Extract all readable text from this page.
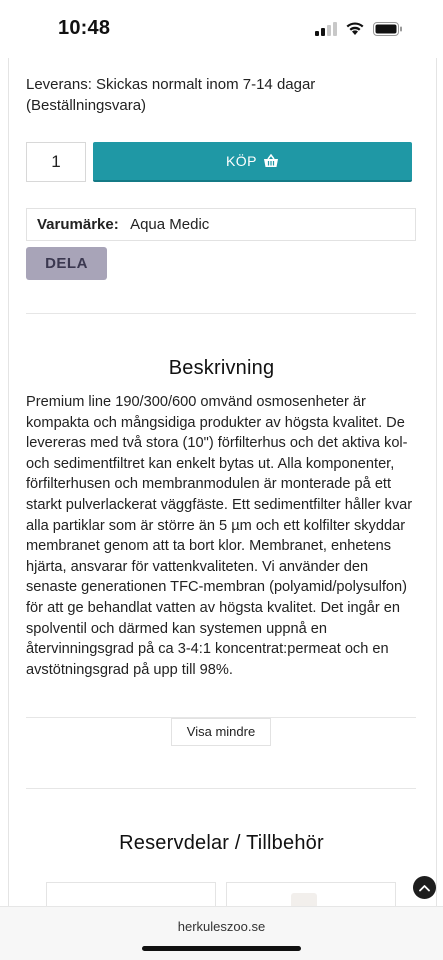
10:48
Leverans: Skickas normalt inom 7-14 dagar (Beställningsvara)
1	KÖP
Varumärke: Aqua Medic
DELA
Beskrivning
Premium line 190/300/600 omvänd osmosenheter är kompakta och mångsidiga produkter av högsta kvalitet. De levereras med två stora (10") förfilterhus och det aktiva kol- och sedimentfiltret kan enkelt bytas ut. Alla komponenter, förfilterhusen och membranmodulen är monterade på ett starkt pulverlackerat väggfäste. Ett sedimentfilter håller kvar alla partiklar som är större än 5 µm och ett kolfilter skyddar membranet genom att ta bort klor. Membranet, enhetens hjärta, ansvarar för vattenkvaliteten. Vi använder den senaste generationen TFC-membran (polyamid/polysulfon) för att ge behandlat vatten av högsta kvalitet. Det ingår en spolventil och därmed kan systemen uppnå en återvinningsgrad på ca 3-4:1 koncentrat:permeat och en avstötningsgrad på upp till 98%.
Visa mindre
Reservdelar / Tillbehör
herkuleszoo.se
